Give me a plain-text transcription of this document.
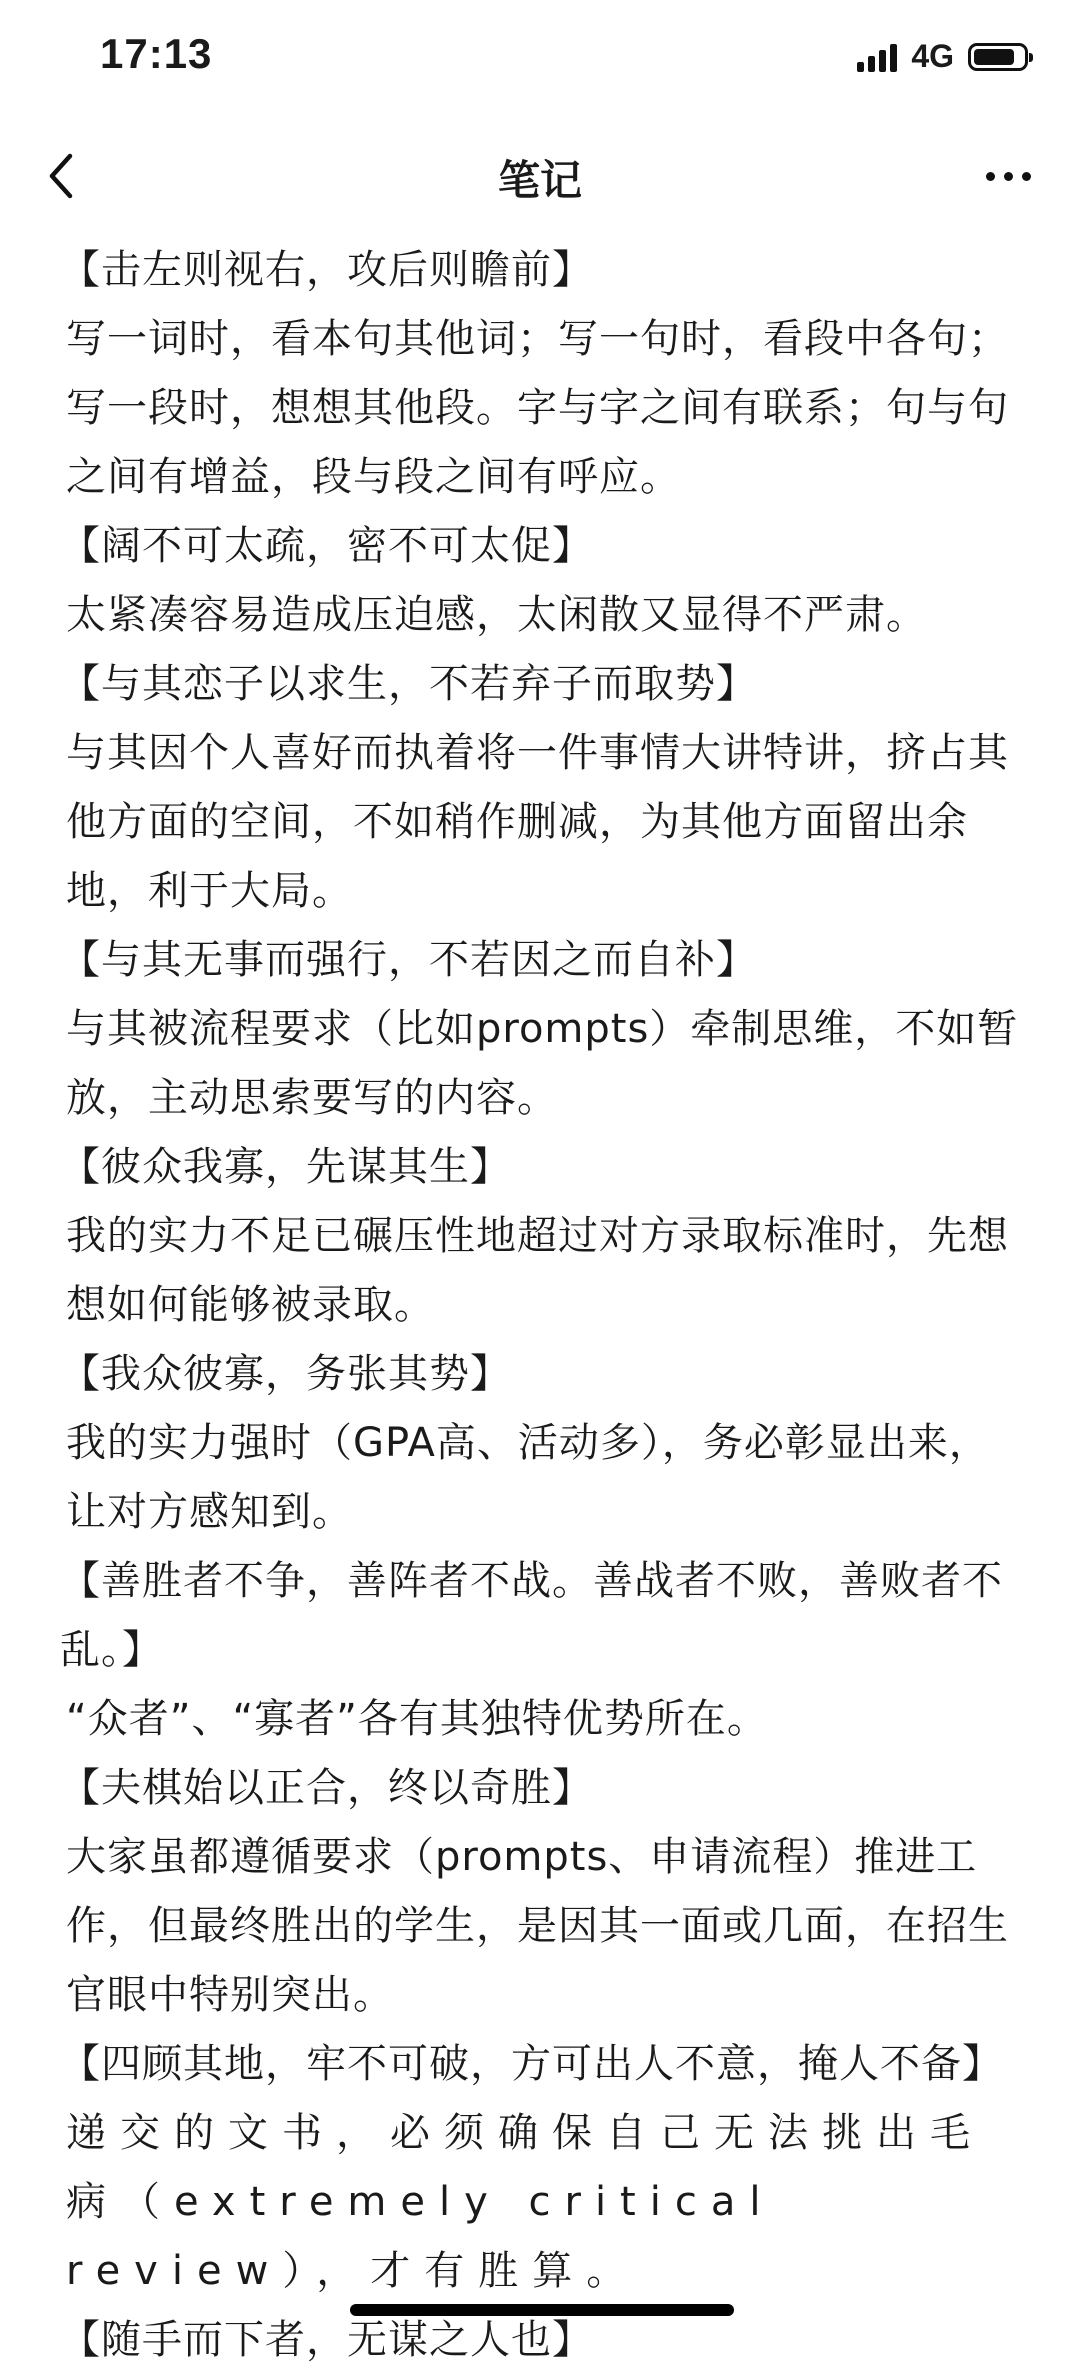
17:13	4G
笔记

【击左则视右，攻后则瞻前】

写一词时，看本句其他词；写一句时，看段中各句；写一段时，想想其他段。字与字之间有联系；句与句之间有增益，段与段之间有呼应。

【阔不可太疏，密不可太促】

太紧凑容易造成压迫感，太闲散又显得不严肃。

【与其恋子以求生，不若弃子而取势】

与其因个人喜好而执着将一件事情大讲特讲，挤占其他方面的空间，不如稍作删减，为其他方面留出余地，利于大局。

【与其无事而强行，不若因之而自补】

与其被流程要求（比如prompts）牵制思维，不如暂放，主动思索要写的内容。

【彼众我寡，先谋其生】

我的实力不足已碾压性地超过对方录取标准时，先想想如何能够被录取。

【我众彼寡，务张其势】

我的实力强时（GPA高、活动多），务必彰显出来，让对方感知到。

【善胜者不争，善阵者不战。善战者不败，善败者不乱。】

“众者”、“寡者”各有其独特优势所在。

【夫棋始以正合，终以奇胜】

大家虽都遵循要求（prompts、申请流程）推进工作，但最终胜出的学生，是因其一面或几面，在招生官眼中特别突出。

【四顾其地，牢不可破，方可出人不意，掩人不备】

递交的文书，必须确保自己无法挑出毛病（extremely critical review），才有胜算。

【随手而下者，无谋之人也】
